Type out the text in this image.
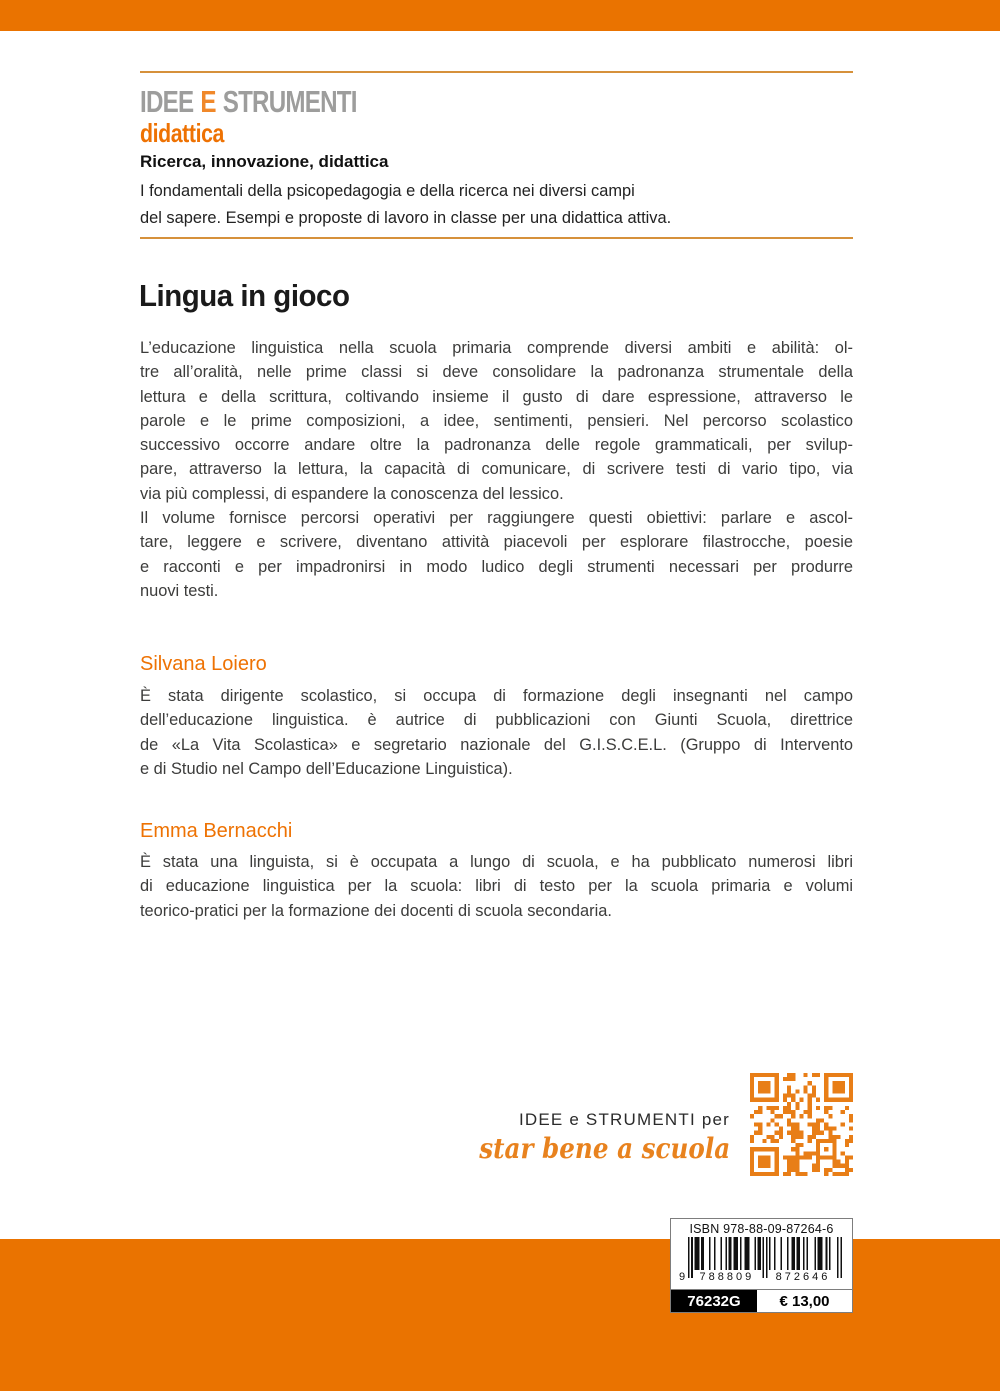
IDEE E STRUMENTI
didattica
Ricerca, innovazione, didattica
I fondamentali della psicopedagogia e della ricerca nei diversi campi
del sapere. Esempi e proposte di lavoro in classe per una didattica attiva.
Lingua in gioco
L’educazione linguistica nella scuola primaria comprende diversi ambiti e abilità: ol-
tre all’oralità, nelle prime classi si deve consolidare la padronanza strumentale della
lettura e della scrittura, coltivando insieme il gusto di dare espressione, attraverso le
parole e le prime composizioni, a idee, sentimenti, pensieri. Nel percorso scolastico
successivo occorre andare oltre la padronanza delle regole grammaticali, per svilup-
pare, attraverso la lettura, la capacità di comunicare, di scrivere testi di vario tipo, via
via più complessi, di espandere la conoscenza del lessico.
Il volume fornisce percorsi operativi per raggiungere questi obiettivi: parlare e ascol-
tare, leggere e scrivere, diventano attività piacevoli per esplorare filastrocche, poesie
e racconti e per impadronirsi in modo ludico degli strumenti necessari per produrre
nuovi testi.
Silvana Loiero
È stata dirigente scolastico, si occupa di formazione degli insegnanti nel campo
dell’educazione linguistica. è autrice di pubblicazioni con Giunti Scuola, direttrice
de «La Vita Scolastica» e segretario nazionale del G.I.S.C.E.L. (Gruppo di Intervento
e di Studio nel Campo dell’Educazione Linguistica).
Emma Bernacchi
È stata una linguista, si è occupata a lungo di scuola, e ha pubblicato numerosi libri
di educazione linguistica per la scuola: libri di testo per la scuola primaria e volumi
teorico-pratici per la formazione dei docenti di scuola secondaria.
IDEE e STRUMENTI per
star bene a scuola
ISBN 978-88-09-87264-6
9 788809 872646
76232G	€ 13,00
